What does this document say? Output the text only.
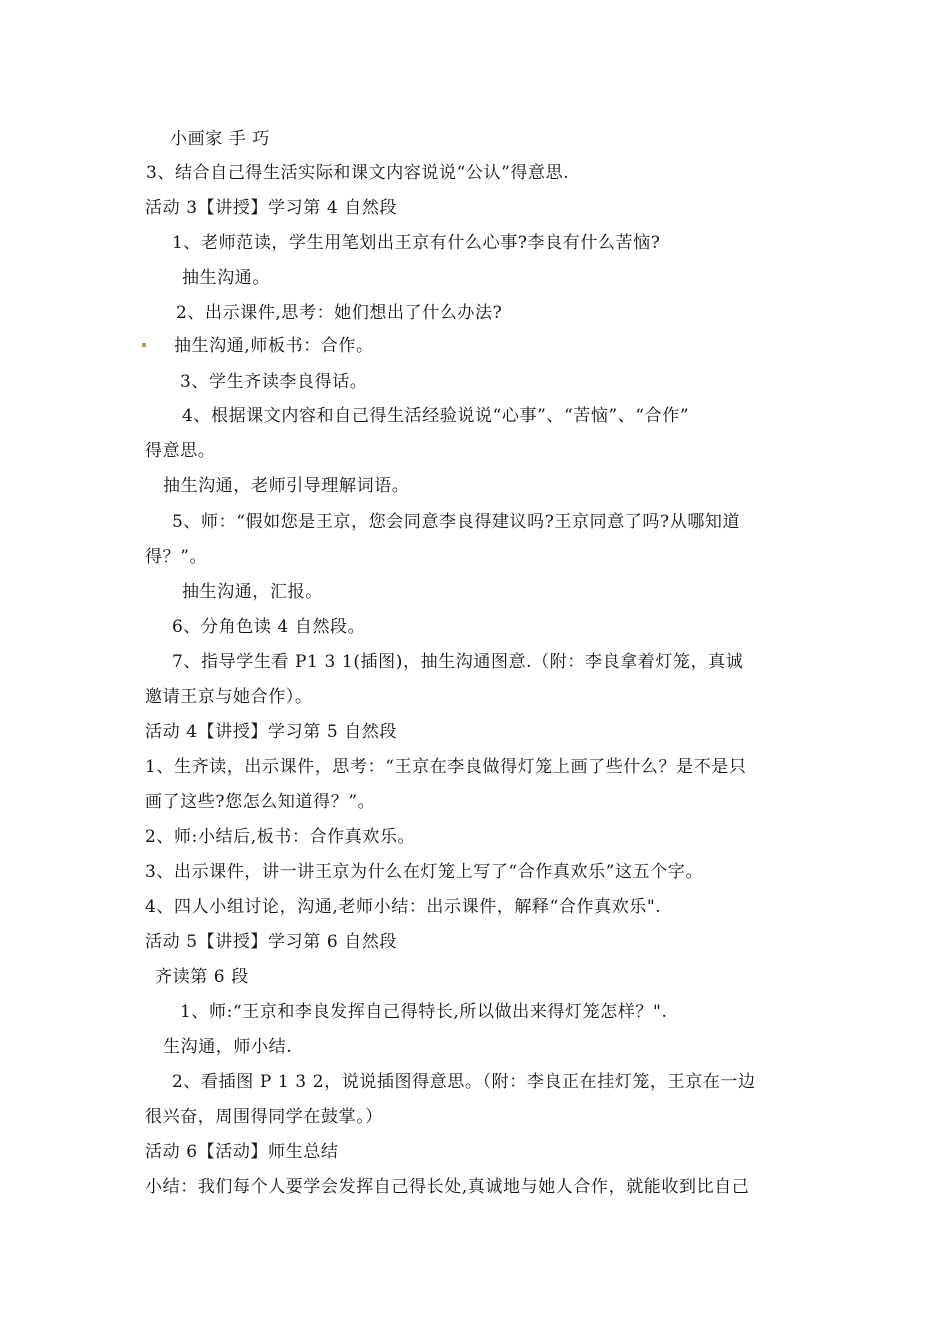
小画家 手 巧
3、结合自己得生活实际和课文内容说说“公认”得意思.
活动 3【讲授】学习第 4 自然段
1、老师范读，学生用笔划出王京有什么心事?李良有什么苦恼?
抽生沟通。
2、出示课件,思考：她们想出了什么办法?
抽生沟通,师板书：合作。
3、学生齐读李良得话。
4、根据课文内容和自己得生活经验说说“心事”、“苦恼”、“合作”
得意思。
抽生沟通，老师引导理解词语。
5、师：“假如您是王京，您会同意李良得建议吗?王京同意了吗?从哪知道
得？”。
抽生沟通，汇报。
6、分角色读 4 自然段。
7、指导学生看 P1 3 1(插图)，抽生沟通图意.（附：李良拿着灯笼，真诚
邀请王京与她合作）。
活动 4【讲授】学习第 5 自然段
1、生齐读，出示课件，思考：“王京在李良做得灯笼上画了些什么？是不是只
画了这些?您怎么知道得？”。
2、师:小结后,板书：合作真欢乐。
3、出示课件，讲一讲王京为什么在灯笼上写了“合作真欢乐”这五个字。
4、四人小组讨论，沟通,老师小结：出示课件，解释“合作真欢乐".
活动 5【讲授】学习第 6 自然段
齐读第 6 段
1、师:“王京和李良发挥自己得特长,所以做出来得灯笼怎样？".
生沟通，师小结.
2、看插图 P 1 3 2，说说插图得意思。（附：李良正在挂灯笼，王京在一边
很兴奋，周围得同学在鼓掌。）
活动 6【活动】师生总结
小结：我们每个人要学会发挥自己得长处,真诚地与她人合作，就能收到比自己
